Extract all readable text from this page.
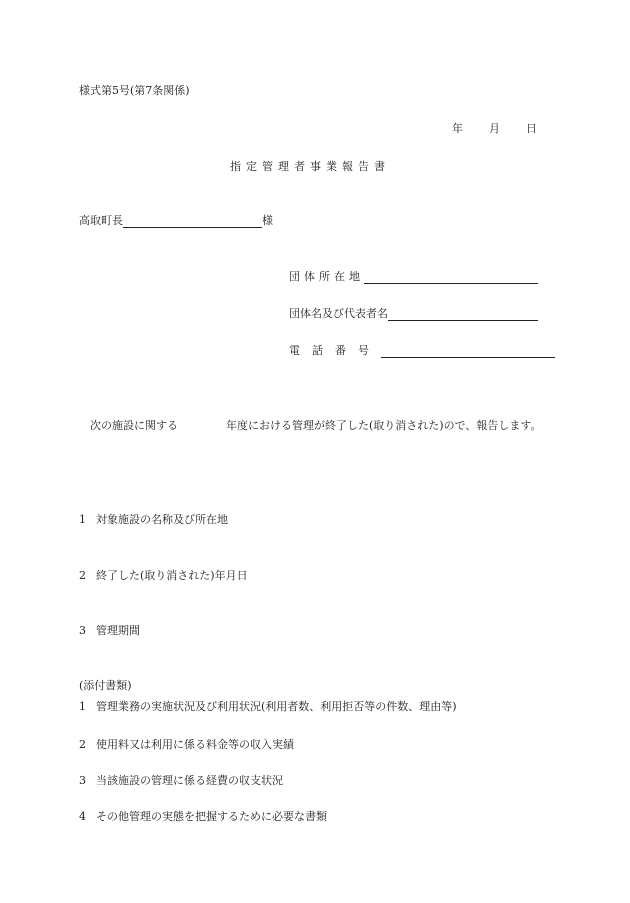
様式第5号(第7条関係)
年 月 日
指定管理者事業報告書
高取町長	様
団体所在地
団体名及び代表者名
電話番号
次の施設に関する	年度における管理が終了した(取り消された)ので、報告します。
1 対象施設の名称及び所在地
2 終了した(取り消された)年月日
3 管理期間
(添付書類)
1 管理業務の実施状況及び利用状況(利用者数、利用拒否等の件数、理由等)
2 使用料又は利用に係る料金等の収入実績
3 当該施設の管理に係る経費の収支状況
4 その他管理の実態を把握するために必要な書類
